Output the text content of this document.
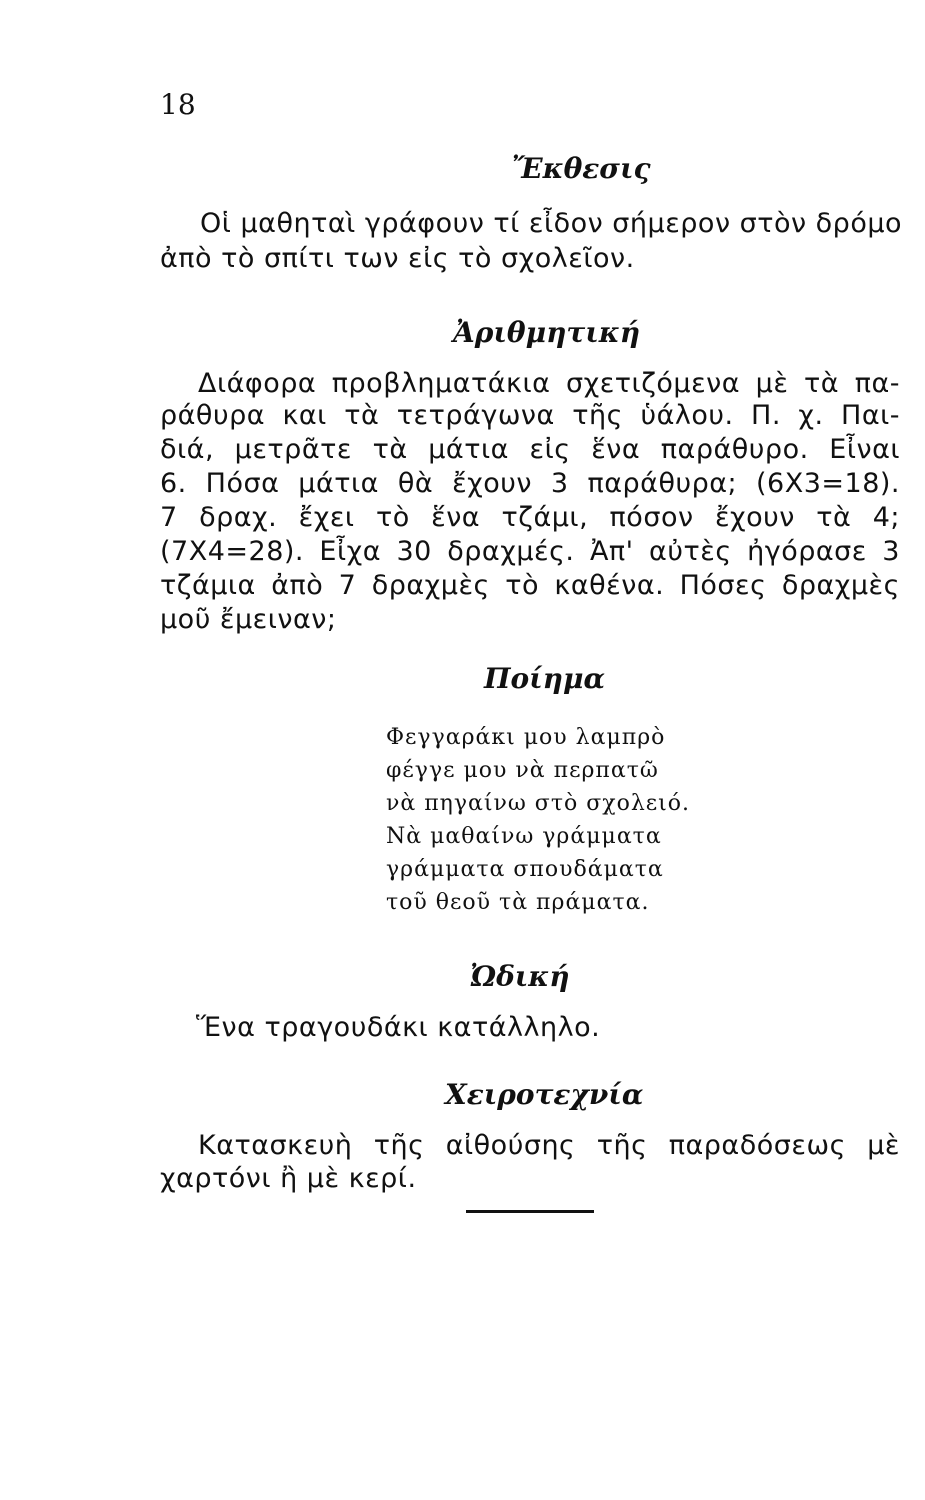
18
Ἔκθεσις
Οἱ μαθηταὶ γράφουν τί εἶδον σήμερον στὸν δρόμο
ἀπὸ τὸ σπίτι των εἰς τὸ σχολεῖον.
Ἀριθμητική
Διάφορα προβληματάκια σχετιζόμενα μὲ τὰ πα-
ράθυρα και τὰ τετράγωνα τῆς ὑάλου. Π. χ. Παι-
διά, μετρᾶτε τὰ μάτια εἰς ἕνα παράθυρο. Εἶναι
6. Πόσα μάτια θὰ ἔχουν 3 παράθυρα; (6Χ3=18).
7 δραχ. ἔχει τὸ ἕνα τζάμι, πόσον ἔχουν τὰ 4;
(7Χ4=28). Εἶχα 30 δραχμές. Ἀπ' αὐτὲς ἠγόρασε 3
τζάμια ἀπὸ 7 δραχμὲς τὸ καθένα. Πόσες δραχμὲς
μοῦ ἔμειναν;
Ποίημα
Φεγγαράκι μου λαμπρὸ
φέγγε μου νὰ περπατῶ
νὰ πηγαίνω στὸ σχολειό.
Νὰ μαθαίνω γράμματα
γράμματα σπουδάματα
τοῦ θεοῦ τὰ πράματα.
Ὠδική
Ἕνα τραγουδάκι κατάλληλο.
Χειροτεχνία
Κατασκευὴ τῆς αἰθούσης τῆς παραδόσεως μὲ
χαρτόνι ἢ μὲ κερί.
